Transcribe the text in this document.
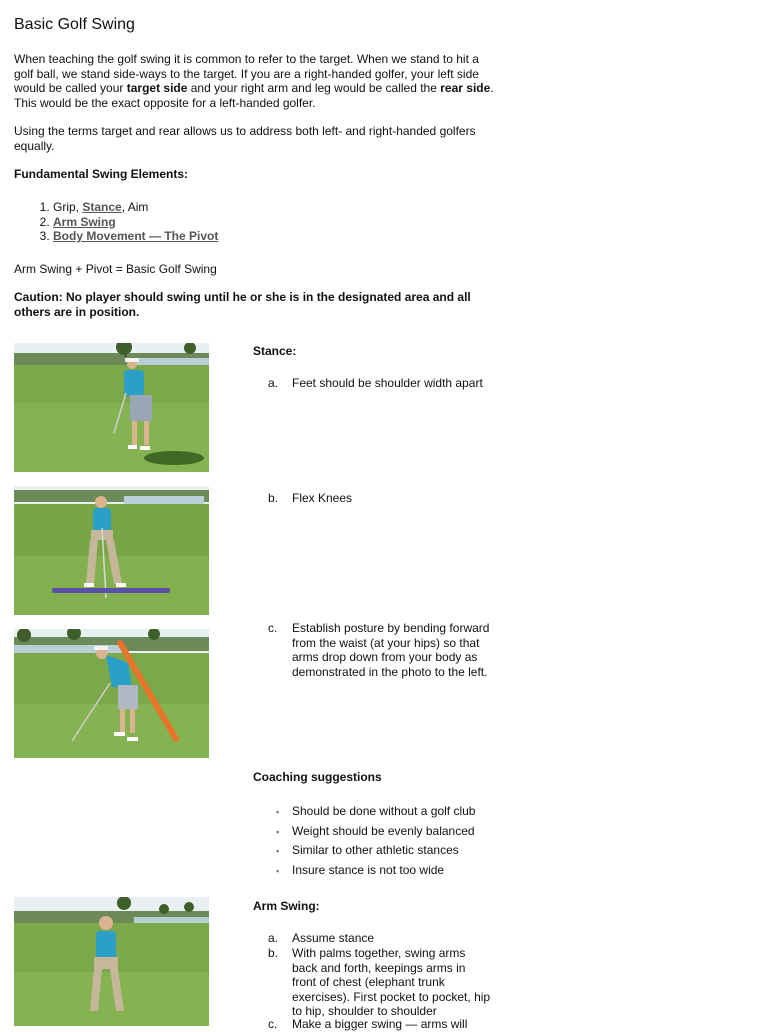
Basic Golf Swing

When teaching the golf swing it is common to refer to the target. When we stand to hit a golf ball, we stand side-ways to the target. If you are a right-handed golfer, your left side would be called your target side and your right arm and leg would be called the rear side. This would be the exact opposite for a left-handed golfer.

Using the terms target and rear allows us to address both left- and right-handed golfers equally.

Fundamental Swing Elements:

1. Grip, Stance, Aim
2. Arm Swing
3. Body Movement — The Pivot

Arm Swing + Pivot = Basic Golf Swing

Caution: No player should swing until he or she is in the designated area and all others are in position.

Stance:

a.	Feet should be shoulder width apart
b.	Flex Knees
c.	Establish posture by bending forward from the waist (at your hips) so that arms drop down from your body as demonstrated in the photo to the left.

Coaching suggestions

▪ Should be done without a golf club
▪ Weight should be evenly balanced
▪ Similar to other athletic stances
▪ Insure stance is not too wide

Arm Swing:

a.	Assume stance
b.	With palms together, swing arms back and forth, keepings arms in front of chest (elephant trunk exercises). First pocket to pocket, hip to hip, shoulder to shoulder
c.	Make a bigger swing — arms will
